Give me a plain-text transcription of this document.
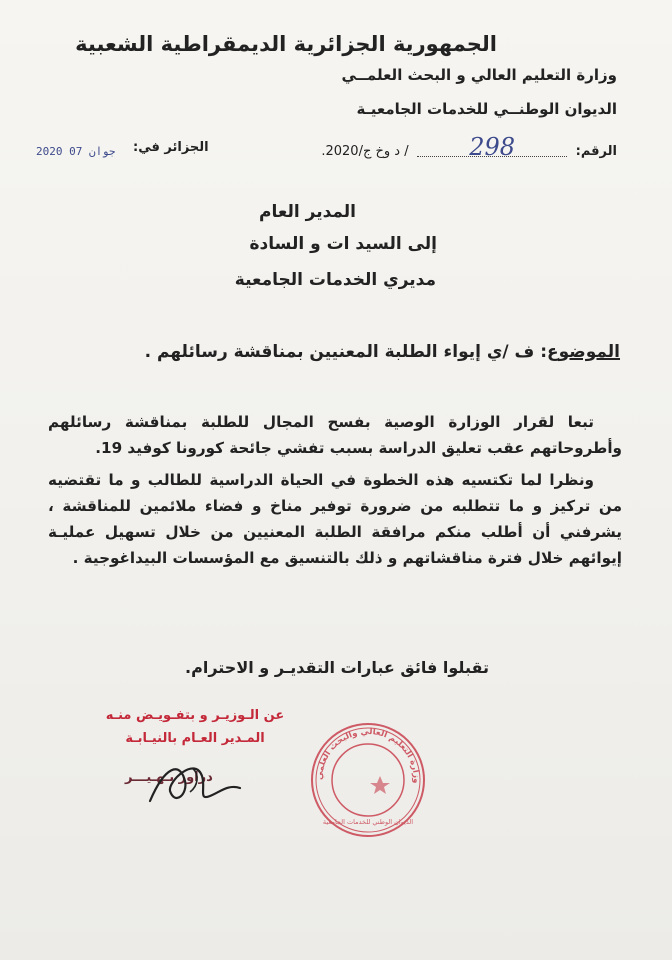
الجمهورية الجزائرية الديمقراطية الشعبية
وزارة التعليم العالي و البحث العلمــي
الديوان الوطنــي للخدمات الجامعيـة
الرقم: 298 / د وخ ج/2020.
الجزائر في:
2020 جوان 07
المدير العام
إلى السيد ات و السادة
مديري الخدمات الجامعية
الموضوع: ف /ي إيواء الطلبة المعنيين بمناقشة رسائلهم .

تبعا لقرار الوزارة الوصية بفسح المجال للطلبة بمناقشة رسائلهم وأطروحاتهم عقب تعليق الدراسة بسبب تفشي جائحة كورونا كوفيد 19.

ونظرا لما تكتسيه هذه الخطوة في الحياة الدراسية للطالب و ما تقتضيه من تركيز و ما تتطلبه من ضرورة توفير مناخ و فضاء ملائمين للمناقشة ، يشرفني أن أطلب منكم مرافقة الطلبة المعنيين من خلال تسهيل عمليـة إيوائهم خلال فترة مناقشاتهم و ذلك بالتنسيق مع المؤسسات البيداغوجية .

تقبلوا فائق عبارات التقديـر و الاحترام.
عن الـوزيـر و بتفـويـض منـه
المـدير العـام بالنيـابـة
دراوز بـهـيـــر	وزارة التعليم العالي والبحث العلمي
الديوان الوطني للخدمات الجامعية
